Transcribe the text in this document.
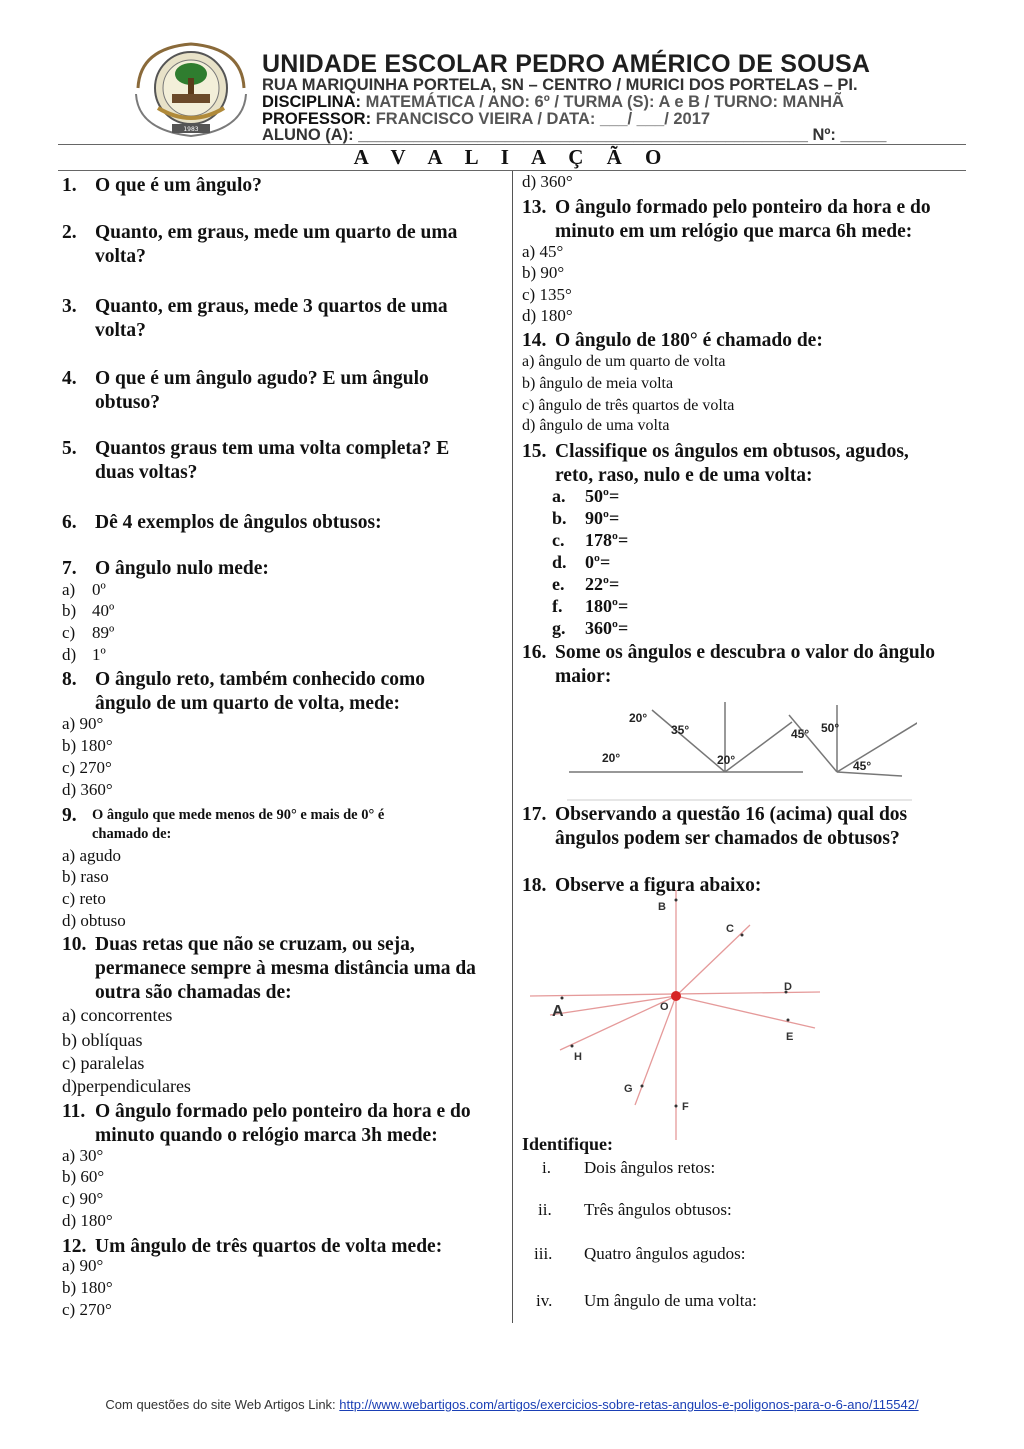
1983
UNIDADE ESCOLAR PEDRO AMÉRICO DE SOUSA
RUA MARIQUINHA PORTELA, SN – CENTRO / MURICI DOS PORTELAS – PI.
DISCIPLINA: MATEMÁTICA / ANO: 6º / TURMA (S): A e B / TURNO: MANHÃ
PROFESSOR: FRANCISCO VIEIRA / DATA: ___/ ___/ 2017
ALUNO (A): _________________________________________________ Nº: _____
A V A L I A Ç Ã O
1. O que é um ângulo?
2. Quanto, em graus, mede um quarto de uma
volta?
3. Quanto, em graus, mede 3 quartos de uma
volta?
4. O que é um ângulo agudo? E um ângulo
obtuso?
5. Quantos graus tem uma volta completa? E
duas voltas?
6. Dê 4 exemplos de ângulos obtusos:
7. O ângulo nulo mede:
a) 0º
b) 40º
c) 89º
d) 1º
8. O ângulo reto, também conhecido como
ângulo de um quarto de volta, mede:
a) 90°
b) 180°
c) 270°
d) 360°
9. O ângulo que mede menos de 90° e mais de 0° é
chamado de:
a) agudo
b) raso
c) reto
d) obtuso
10. Duas retas que não se cruzam, ou seja,
permanece sempre à mesma distância uma da
outra são chamadas de:
a) concorrentes
b) oblíquas
c) paralelas
d)perpendiculares
11. O ângulo formado pelo ponteiro da hora e do
minuto quando o relógio marca 3h mede:
a) 30°
b) 60°
c) 90°
d) 180°
12. Um ângulo de três quartos de volta mede:
a) 90°
b) 180°
c) 270°
d) 360°
13. O ângulo formado pelo ponteiro da hora e do
minuto em um relógio que marca 6h mede:
a) 45°
b) 90°
c) 135°
d) 180°
14. O ângulo de 180° é chamado de:
a) ângulo de um quarto de volta
b) ângulo de meia volta
c) ângulo de três quartos de volta
d) ângulo de uma volta
15. Classifique os ângulos em obtusos, agudos,
reto, raso, nulo e de uma volta:
a. 50º=
b. 90º=
c. 178º=
d. 0º=
e. 22º=
f. 180º=
g. 360º=
16. Some os ângulos e descubra o valor do ângulo
maior:
20°
35°
20°	20°
45° 50°
45°
17. Observando a questão 16 (acima) qual dos
ângulos podem ser chamados de obtusos?
18. Observe a figura abaixo:
B
C
D
E
F
G
H
A	O
Identifique:
i. Dois ângulos retos:
ii. Três ângulos obtusos:
iii. Quatro ângulos agudos:
iv. Um ângulo de uma volta:
Com questões do site Web Artigos Link: http://www.webartigos.com/artigos/exercicios-sobre-retas-angulos-e-poligonos-para-o-6-ano/115542/
